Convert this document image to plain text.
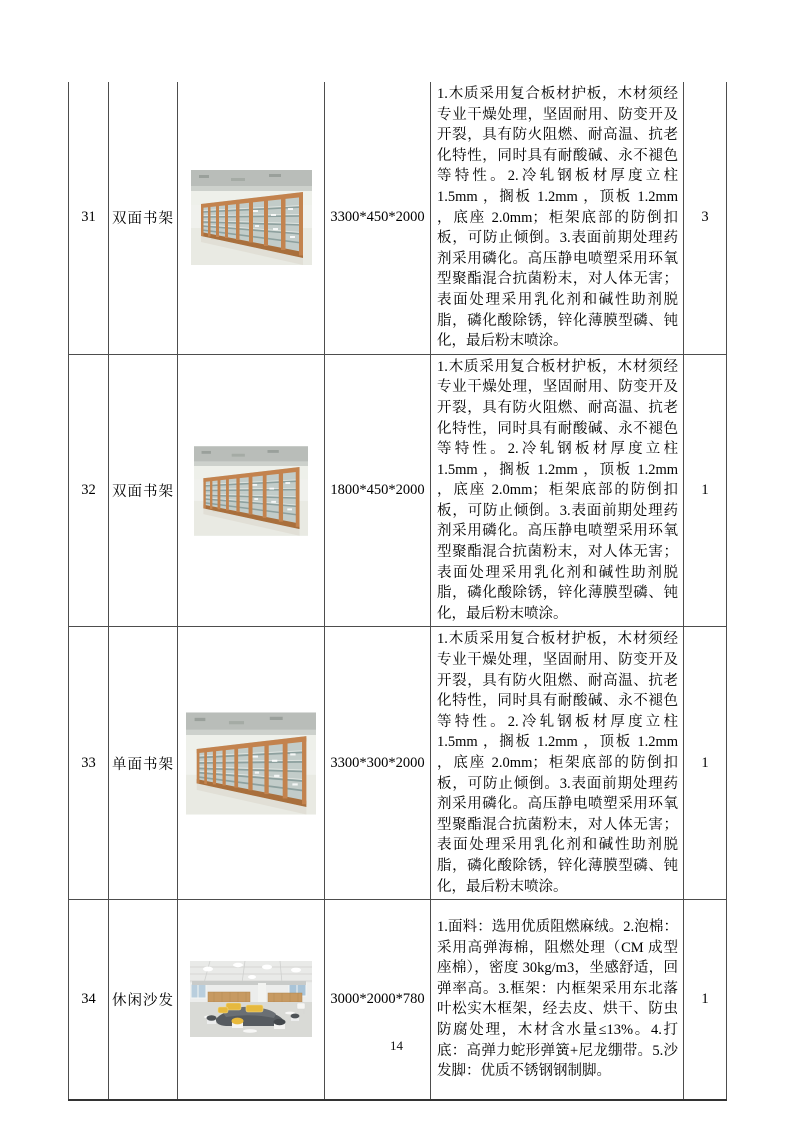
31	双面书架		3300*450*2000	1.木质采用复合板材护板，木材须经专业干燥处理，坚固耐用、防变开及开裂，具有防火阻燃、耐高温、抗老化特性，同时具有耐酸碱、永不褪色等特性。2.冷轧钢板材厚度立柱 1.5mm ，搁板 1.2mm ，顶板 1.2mm ，底座 2.0mm；柜架底部的防倒扣板，可防止倾倒。3.表面前期处理药剂采用磷化。高压静电喷塑采用环氧型聚酯混合抗菌粉末，对人体无害；表面处理采用乳化剂和碱性助剂脱脂，磷化酸除锈，锌化薄膜型磷、钝化，最后粉末喷涂。	3
32	双面书架		1800*450*2000	1.木质采用复合板材护板，木材须经专业干燥处理，坚固耐用、防变开及开裂，具有防火阻燃、耐高温、抗老化特性，同时具有耐酸碱、永不褪色等特性。2.冷轧钢板材厚度立柱 1.5mm ，搁板 1.2mm ，顶板 1.2mm ，底座 2.0mm；柜架底部的防倒扣板，可防止倾倒。3.表面前期处理药剂采用磷化。高压静电喷塑采用环氧型聚酯混合抗菌粉末，对人体无害；表面处理采用乳化剂和碱性助剂脱脂，磷化酸除锈，锌化薄膜型磷、钝化，最后粉末喷涂。	1
33	单面书架		3300*300*2000	1.木质采用复合板材护板，木材须经专业干燥处理，坚固耐用、防变开及开裂，具有防火阻燃、耐高温、抗老化特性，同时具有耐酸碱、永不褪色等特性。2.冷轧钢板材厚度立柱 1.5mm ，搁板 1.2mm ，顶板 1.2mm ，底座 2.0mm；柜架底部的防倒扣板，可防止倾倒。3.表面前期处理药剂采用磷化。高压静电喷塑采用环氧型聚酯混合抗菌粉末，对人体无害；表面处理采用乳化剂和碱性助剂脱脂，磷化酸除锈，锌化薄膜型磷、钝化，最后粉末喷涂。	1
34	休闲沙发		3000*2000*780	1.面料：选用优质阻燃麻绒。2.泡棉：采用高弹海棉，阻燃处理（CM 成型座棉），密度 30kg/m3，坐感舒适，回弹率高。3.框架：内框架采用东北落叶松实木框架，经去皮、烘干、防虫防腐处理，木材含水量≤13%。4.打底：高弹力蛇形弹簧+尼龙绷带。5.沙发脚：优质不锈钢钢制脚。	1
14
